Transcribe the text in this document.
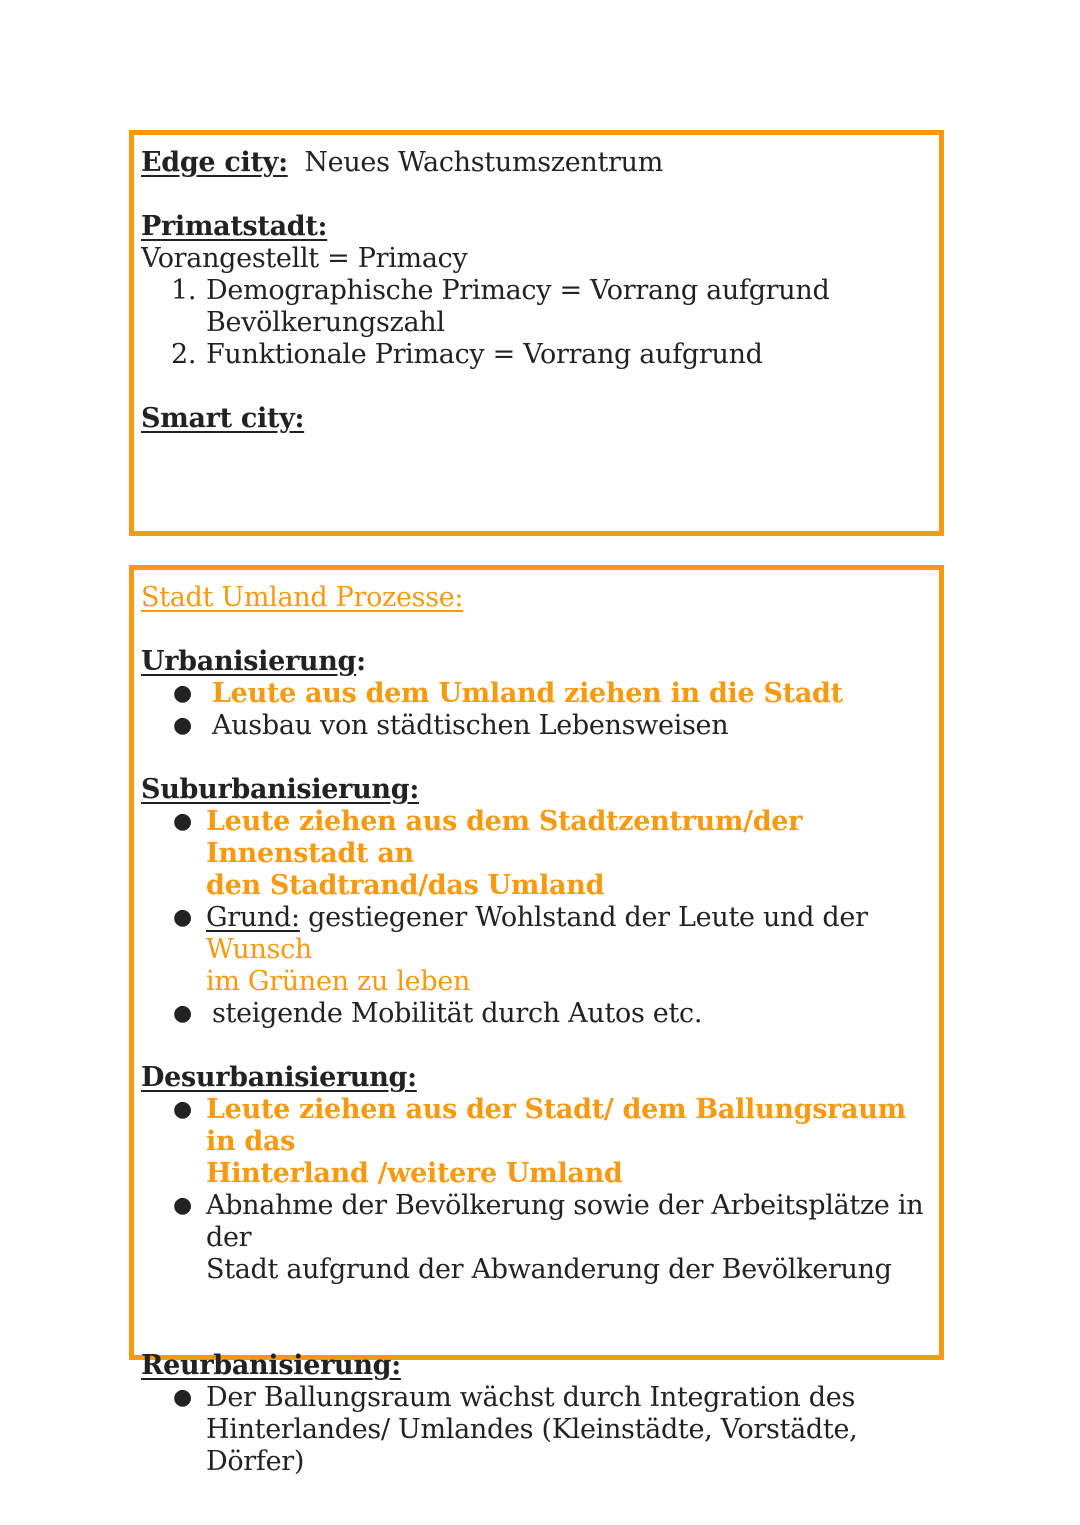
Edge city: Neues Wachstumszentrum
Primatstadt:
Vorangestellt = Primacy
1. Demographische Primacy = Vorrang aufgrund
Bevölkerungszahl
2. Funktionale Primacy = Vorrang aufgrund
Smart city:
Stadt Umland Prozesse:
Urbanisierung:
● Leute aus dem Umland ziehen in die Stadt
● Ausbau von städtischen Lebensweisen
Suburbanisierung:
● Leute ziehen aus dem Stadtzentrum/der Innenstadt an
den Stadtrand/das Umland
● Grund: gestiegener Wohlstand der Leute und der Wunsch
im Grünen zu leben
● steigende Mobilität durch Autos etc.
Desurbanisierung:
● Leute ziehen aus der Stadt/ dem Ballungsraum in das
Hinterland /weitere Umland
● Abnahme der Bevölkerung sowie der Arbeitsplätze in der
Stadt aufgrund der Abwanderung der Bevölkerung
Reurbanisierung:
● Der Ballungsraum wächst durch Integration des
Hinterlandes/ Umlandes (Kleinstädte, Vorstädte, Dörfer)
